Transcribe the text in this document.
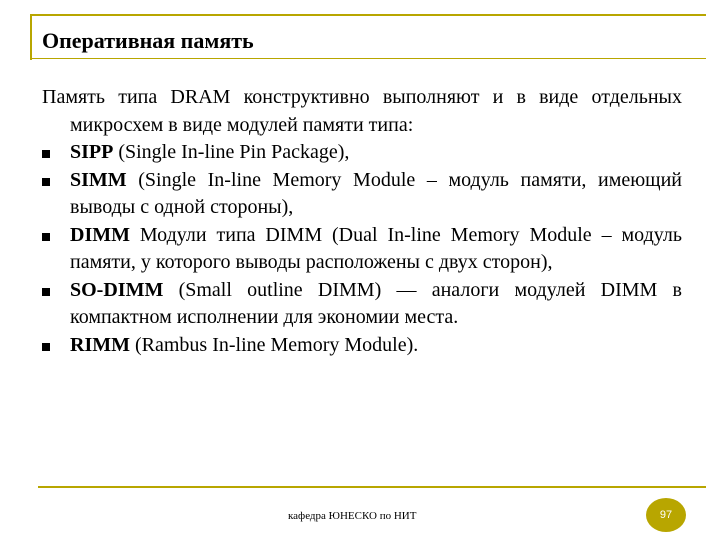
Оперативная память
Память типа DRAM конструктивно выполняют и в виде отдельных микросхем в виде модулей памяти типа:
SIPP (Single In-line Pin Package),
SIMM (Single In-line Memory Module – модуль памяти, имеющий выводы с одной стороны),
DIMM Модули типа DIMM (Dual In-line Memory Module – модуль памяти, у которого выводы расположены с двух сторон),
SO-DIMM (Small outline DIMM) — аналоги модулей DIMM в компактном исполнении для экономии места.
RIMM (Rambus In-line Memory Module).
кафедра ЮНЕСКО по НИТ	97
